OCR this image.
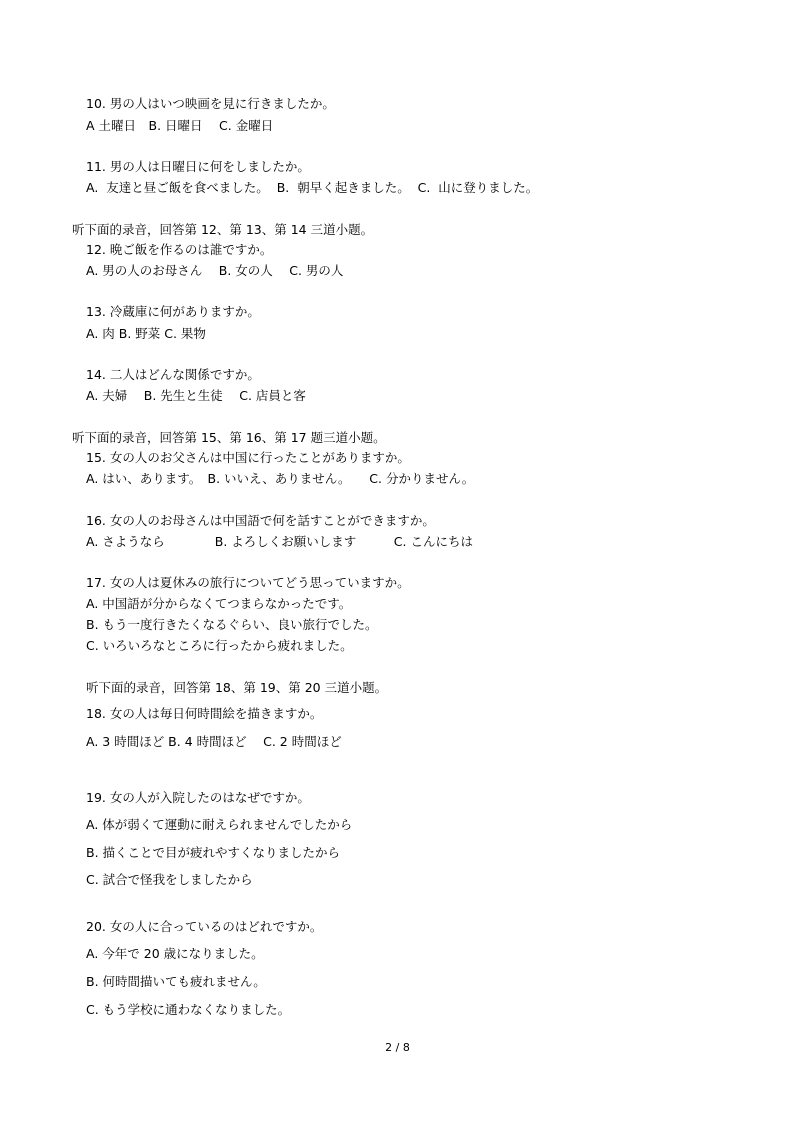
10. 男の人はいつ映画を見に行きましたか。
A 土曜日　B. 日曜日　 C. 金曜日
11. 男の人は日曜日に何をしましたか。
A.  友達と昼ご飯を食べました。  B.  朝早く起きました。  C.  山に登りました。
听下面的录音，回答第 12、第 13、第 14 三道小题。
12. 晩ご飯を作るのは誰ですか。
A. 男の人のお母さん　 B. 女の人　 C. 男の人
13. 冷蔵庫に何がありますか。
A. 肉 B. 野菜 C. 果物
14. 二人はどんな関係ですか。
A. 夫婦　 B. 先生と生徒　 C. 店員と客
听下面的录音，回答第 15、第 16、第 17 题三道小题。
15. 女の人のお父さんは中国に行ったことがありますか。
A. はい、あります。　B. いいえ、ありません。　　C. 分かりません。
16. 女の人のお母さんは中国語で何を話すことができますか。
A. さようなら　　　　B. よろしくお願いします　　　C. こんにちは
17. 女の人は夏休みの旅行についてどう思っていますか。
A. 中国語が分からなくてつまらなかったです。
B. もう一度行きたくなるぐらい、良い旅行でした。
C. いろいろなところに行ったから疲れました。
听下面的录音，回答第 18、第 19、第 20 三道小题。
18. 女の人は毎日何時間絵を描きますか。
A. 3 時間ほど B. 4 時間ほど　 C. 2 時間ほど
19. 女の人が入院したのはなぜですか。
A. 体が弱くて運動に耐えられませんでしたから
B. 描くことで目が疲れやすくなりましたから
C. 試合で怪我をしましたから
20. 女の人に合っているのはどれですか。
A. 今年で 20 歳になりました。
B. 何時間描いても疲れません。
C. もう学校に通わなくなりました。
2 / 8
